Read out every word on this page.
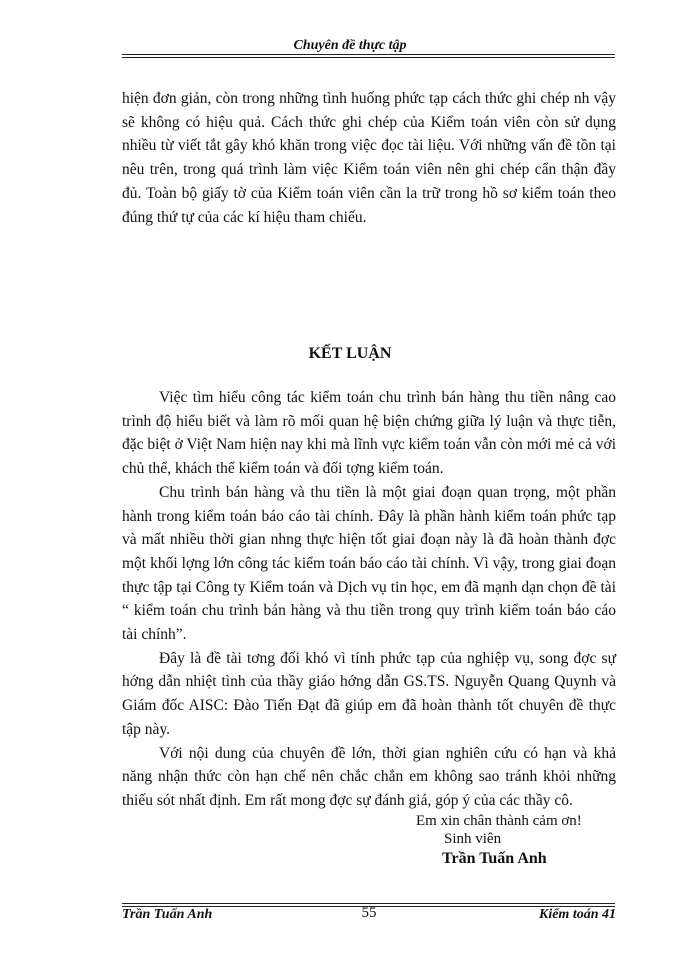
Chuyên đề thực tập

hiện đơn giản, còn trong những tình huống phức tạp cách thức ghi chép nh vậy sẽ không có hiệu quả. Cách thức ghi chép của Kiểm toán viên còn sử dụng nhiều từ viết tắt gây khó khăn trong việc đọc tài liệu. Với những vấn đề tồn tại nêu trên, trong quá trình làm việc Kiểm toán viên nên ghi chép cẩn thận đầy đủ. Toàn bộ giấy tờ của Kiểm toán viên cần la trữ trong hồ sơ kiểm toán theo đúng thứ tự của các kí hiệu tham chiếu.

KẾT LUẬN

Việc tìm hiểu công tác kiểm toán chu trình bán hàng thu tiền nâng cao trình độ hiểu biết và làm rõ mối quan hệ biện chứng giữa lý luận và thực tiễn, đặc biệt ở Việt Nam hiện nay khi mà lĩnh vực kiểm toán vẫn còn mới mẻ cả với chủ thể, khách thể kiểm toán và đối tợng kiểm toán.

Chu trình bán hàng và thu tiền là một giai đoạn quan trọng, một phần hành trong kiểm toán báo cáo tài chính. Đây là phần hành kiểm toán phức tạp và mất nhiều thời gian nhng thực hiện tốt giai đoạn này là đã hoàn thành đợc một khối lợng lớn công tác kiểm toán báo cáo tài chính. Vì vậy, trong giai đoạn thực tập tại Công ty Kiểm toán và Dịch vụ tin học, em đã mạnh dạn chọn đề tài “ kiểm toán chu trình bán hàng và thu tiền trong quy trình kiểm toán báo cáo tài chính”.

Đây là đề tài tơng đối khó vì tính phức tạp của nghiệp vụ, song đợc sự hớng dẫn nhiệt tình của thầy giáo hớng dẫn GS.TS. Nguyễn Quang Quynh và Giám đốc AISC: Đào Tiến Đạt đã giúp em đã hoàn thành tốt chuyên đề thực tập này.

Với nội dung của chuyên đề lớn, thời gian nghiên cứu có hạn và khả năng nhận thức còn hạn chế nên chắc chắn em không sao tránh khỏi những thiếu sót nhất định. Em rất mong đợc sự đánh giá, góp ý của các thầy cô.

Em xin chân thành cảm ơn!
Sinh viên
Trần Tuấn Anh
Trần Tuấn Anh	55	Kiểm toán 41
